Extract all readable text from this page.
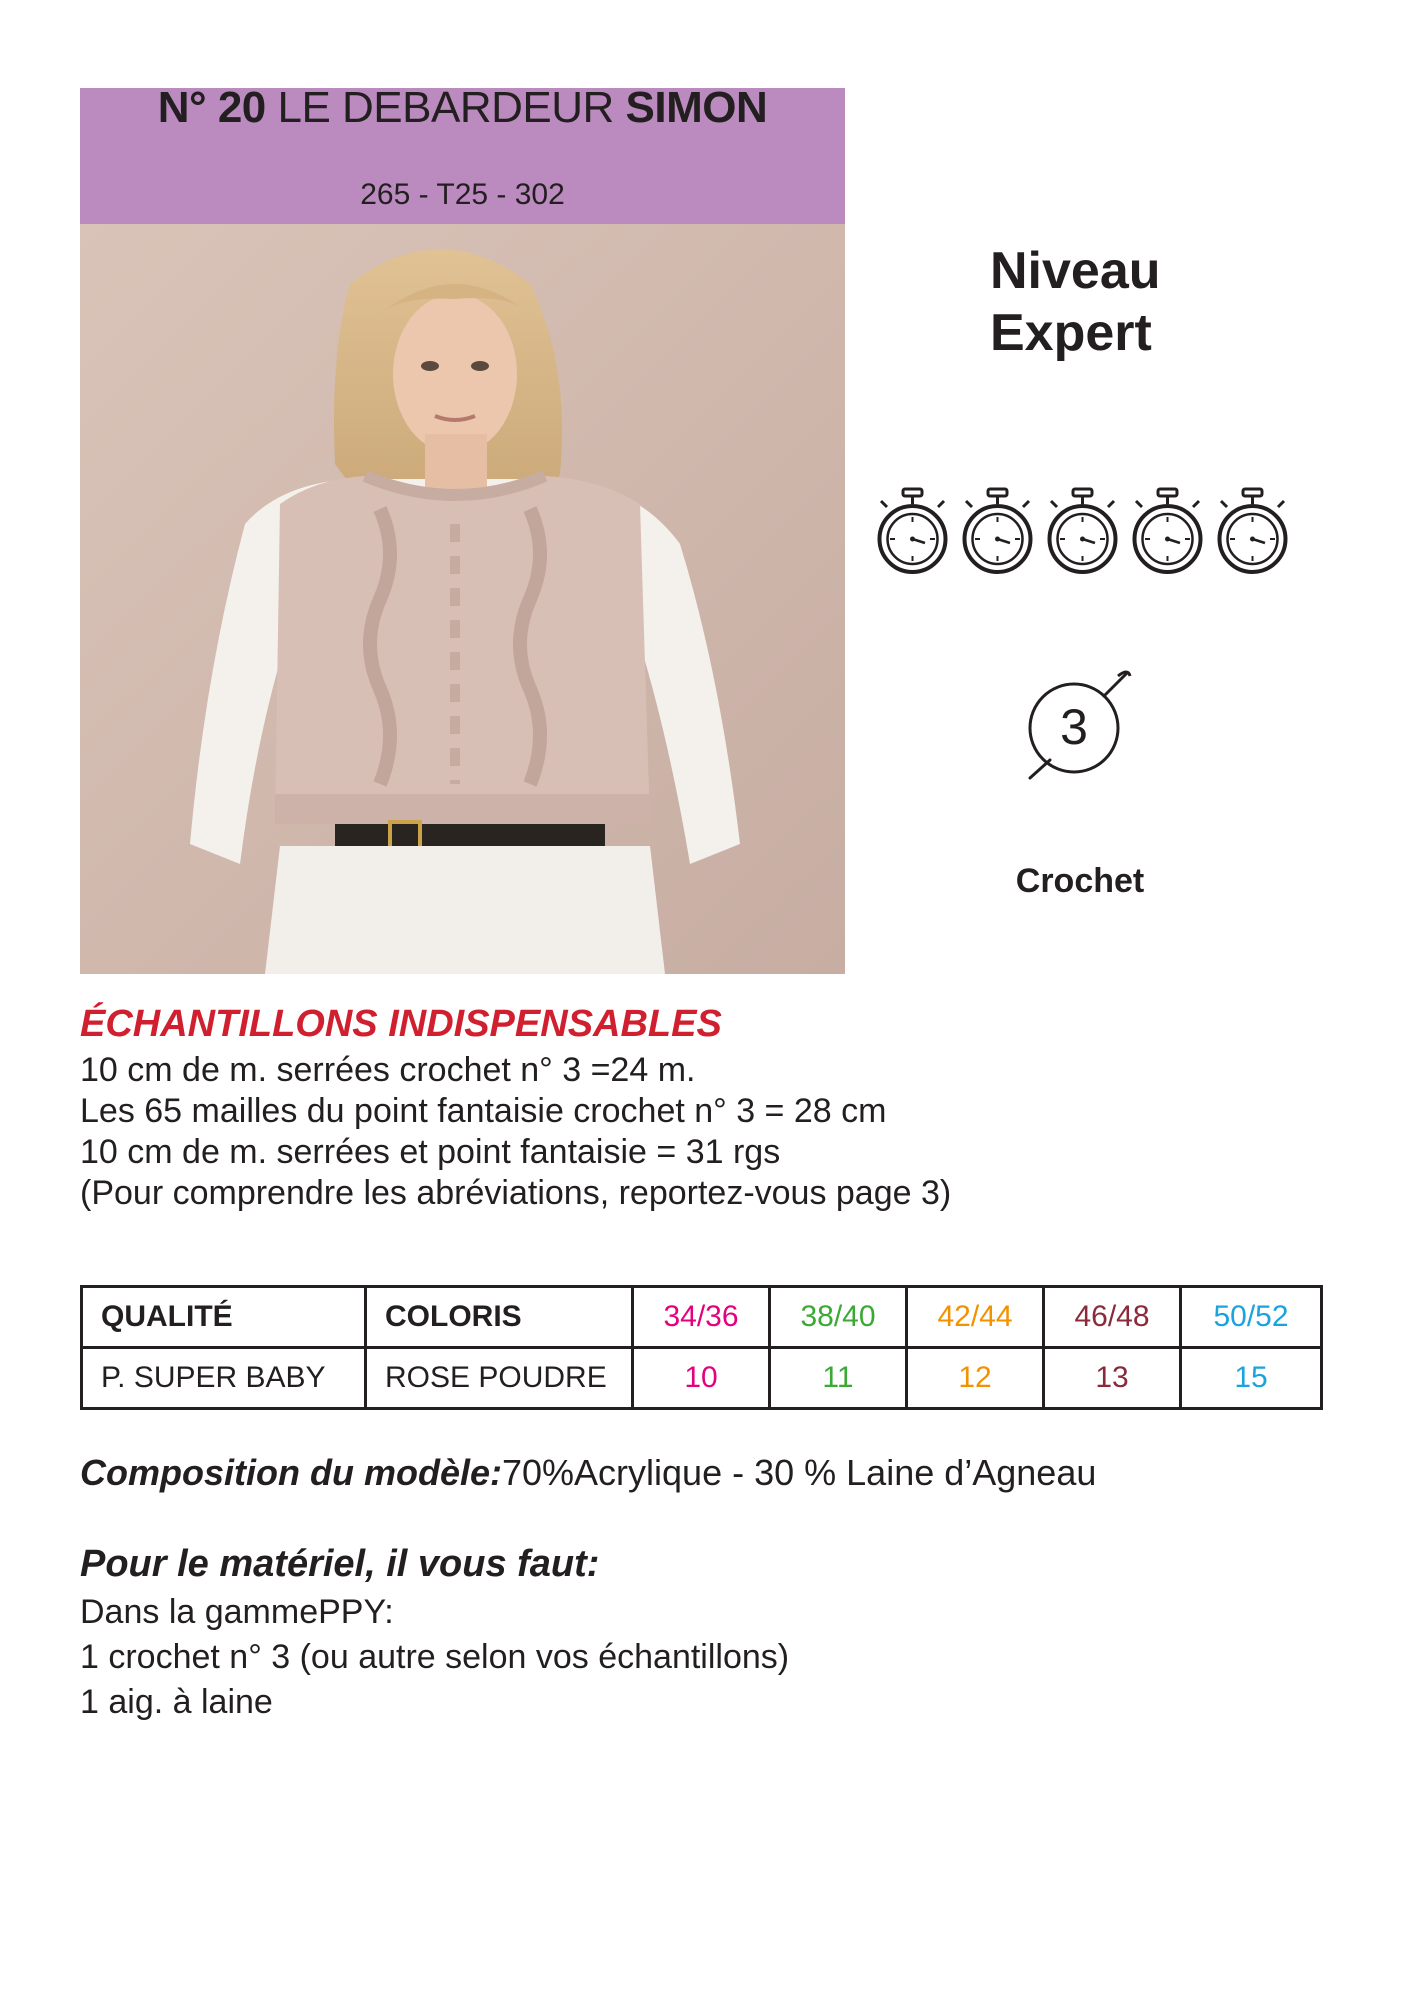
N° 20 LE DEBARDEUR SIMON
265 - T25 - 302
Niveau
Expert
3
Crochet
ÉCHANTILLONS INDISPENSABLES
10 cm de m. serrées crochet n° 3 =24 m.
Les 65 mailles du point fantaisie crochet n° 3 = 28 cm
10 cm de m. serrées et point fantaisie = 31 rgs
(Pour comprendre les abréviations, reportez-vous page 3)
QUALITÉ	COLORIS	34/36	38/40	42/44	46/48	50/52
P. SUPER BABY	ROSE POUDRE	10	11	12	13	15
Composition du modèle:70%Acrylique - 30 % Laine d’Agneau
Pour le matériel, il vous faut:
Dans la gammePPY:
1 crochet n° 3 (ou autre selon vos échantillons)
1 aig. à laine
